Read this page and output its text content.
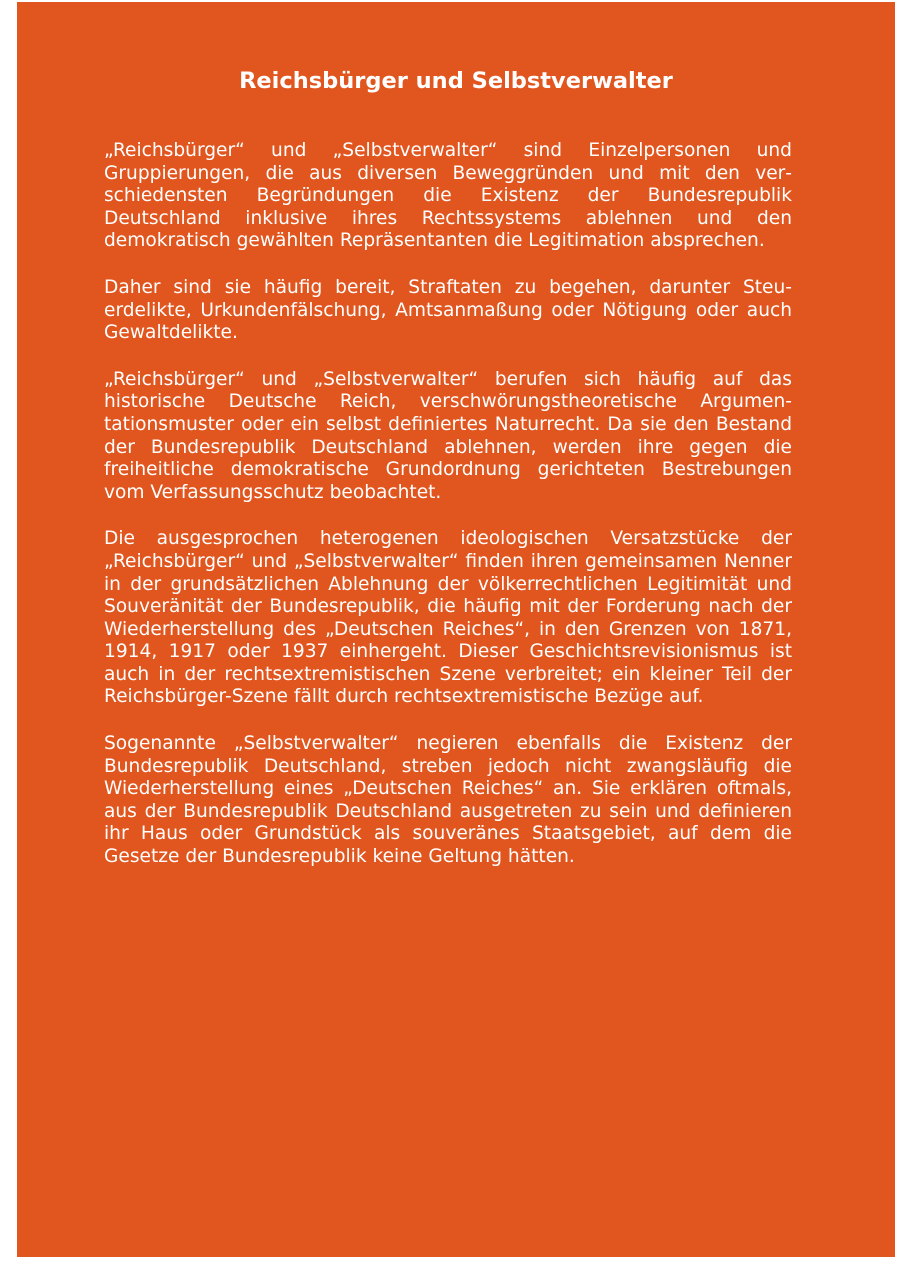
Reichsbürger und Selbstverwalter

„Reichsbürger“ und „Selbstverwalter“ sind Einzelpersonen und Gruppierungen, die aus diversen Beweggründen und mit den verschiedensten Begründungen die Existenz der Bundesrepublik Deutschland inklusive ihres Rechtssystems ablehnen und den demokratisch gewählten Repräsentanten die Legitimation absprechen.

Daher sind sie häufig bereit, Straftaten zu begehen, darunter Steuerdelikte, Urkundenfälschung, Amtsanmaßung oder Nötigung oder auch Gewaltdelikte.

„Reichsbürger“ und „Selbstverwalter“ berufen sich häufig auf das historische Deutsche Reich, verschwörungstheoretische Argumentationsmuster oder ein selbst definiertes Naturrecht. Da sie den Bestand der Bundesrepublik Deutschland ablehnen, werden ihre gegen die freiheitliche demokratische Grundordnung gerichteten Bestrebungen vom Verfassungsschutz beobachtet.

Die ausgesprochen heterogenen ideologischen Versatzstücke der „Reichsbürger“ und „Selbstverwalter“ finden ihren gemeinsamen Nenner in der grundsätzlichen Ablehnung der völkerrechtlichen Legitimität und Souveränität der Bundesrepublik, die häufig mit der Forderung nach der Wiederherstellung des „Deutschen Reiches“, in den Grenzen von 1871, 1914, 1917 oder 1937 einhergeht. Dieser Geschichtsrevisionismus ist auch in der rechtsextremistischen Szene verbreitet; ein kleiner Teil der Reichsbürger-Szene fällt durch rechtsextremistische Bezüge auf.

Sogenannte „Selbstverwalter“ negieren ebenfalls die Existenz der Bundesrepublik Deutschland, streben jedoch nicht zwangsläufig die Wiederherstellung eines „Deutschen Reiches“ an. Sie erklären oftmals, aus der Bundesrepublik Deutschland ausgetreten zu sein und definieren ihr Haus oder Grundstück als souveränes Staatsgebiet, auf dem die Gesetze der Bundesrepublik keine Geltung hätten.
